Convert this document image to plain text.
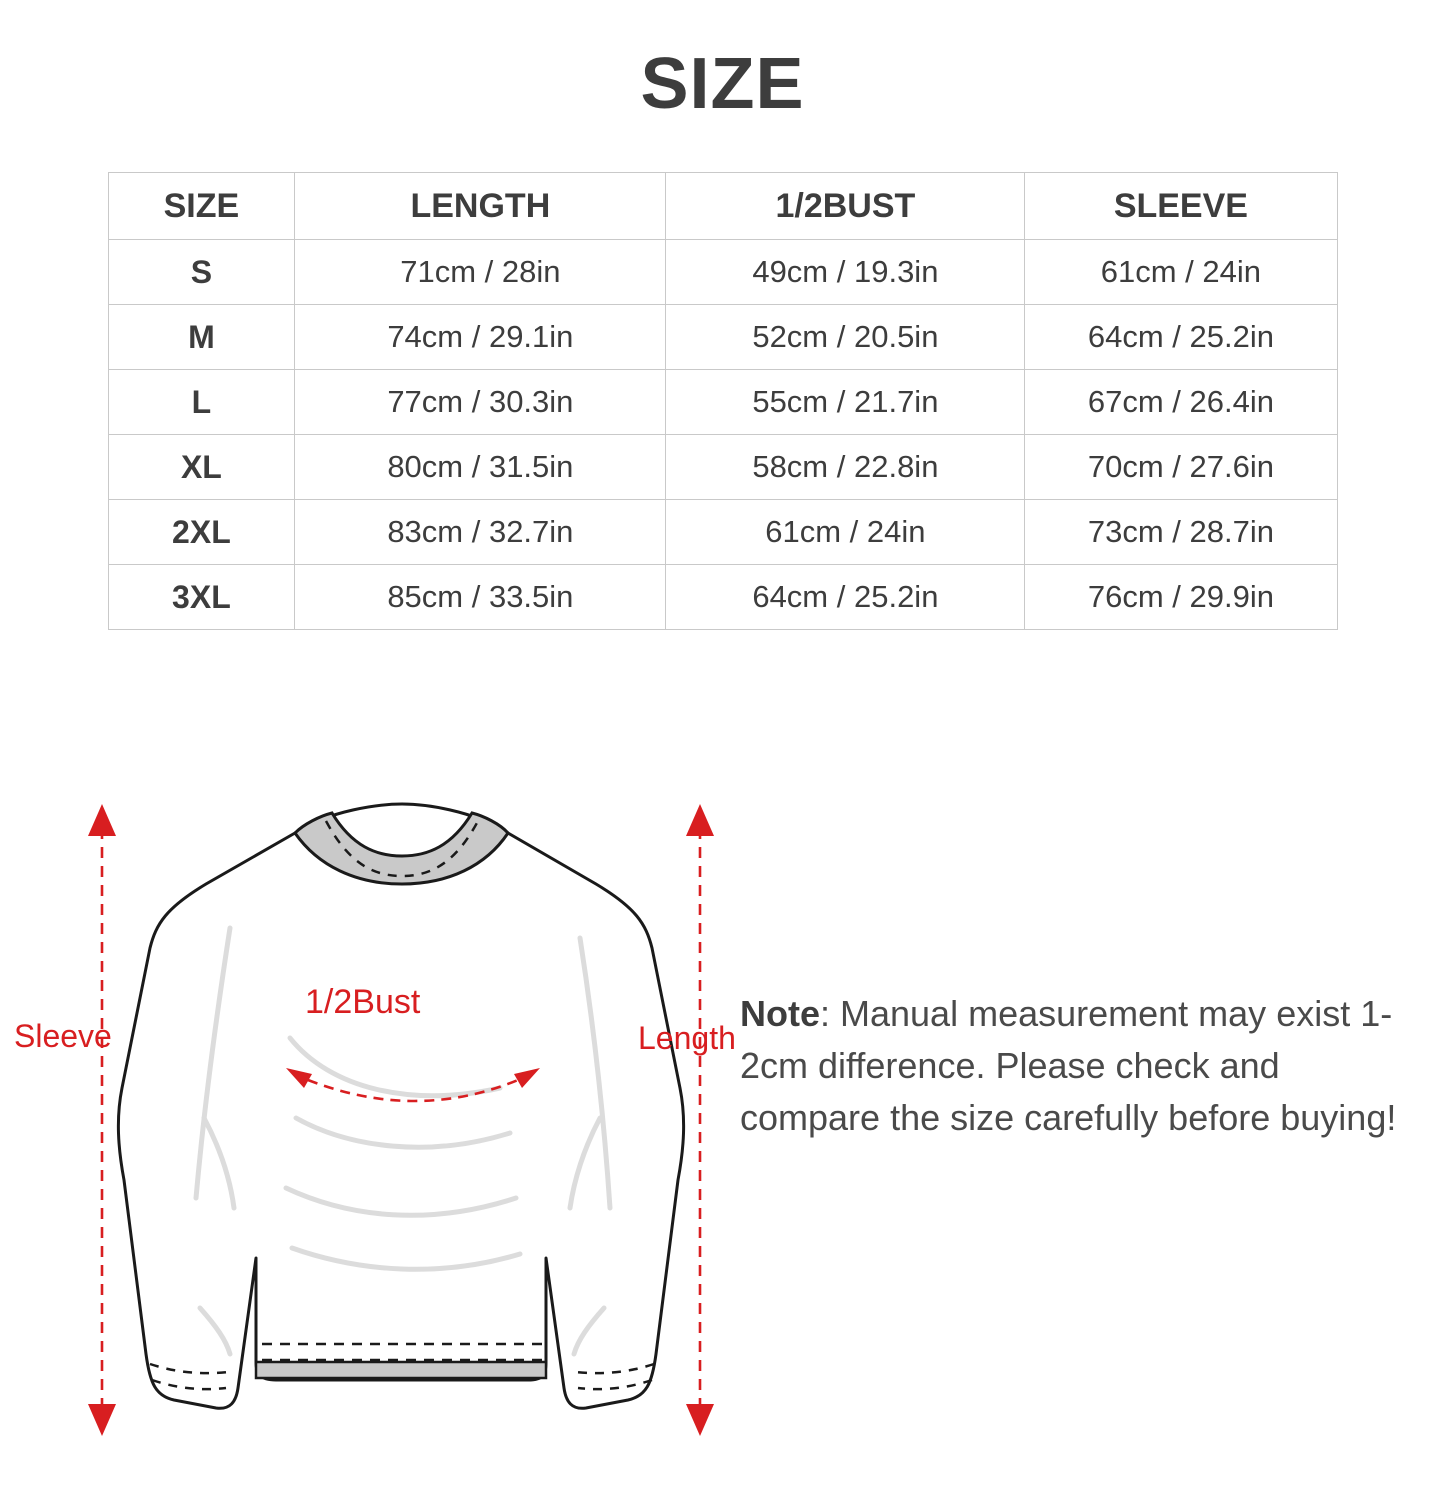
SIZE
SIZE	LENGTH	1/2BUST	SLEEVE
S	71cm / 28in	49cm / 19.3in	61cm / 24in
M	74cm / 29.1in	52cm / 20.5in	64cm / 25.2in
L	77cm / 30.3in	55cm / 21.7in	67cm / 26.4in
XL	80cm / 31.5in	58cm / 22.8in	70cm / 27.6in
2XL	83cm / 32.7in	61cm / 24in	73cm / 28.7in
3XL	85cm / 33.5in	64cm / 25.2in	76cm / 29.9in
Sleeve	Length
1/2Bust	Note: Manual measurement may exist 1-2cm difference. Please check and compare the size carefully before buying!
